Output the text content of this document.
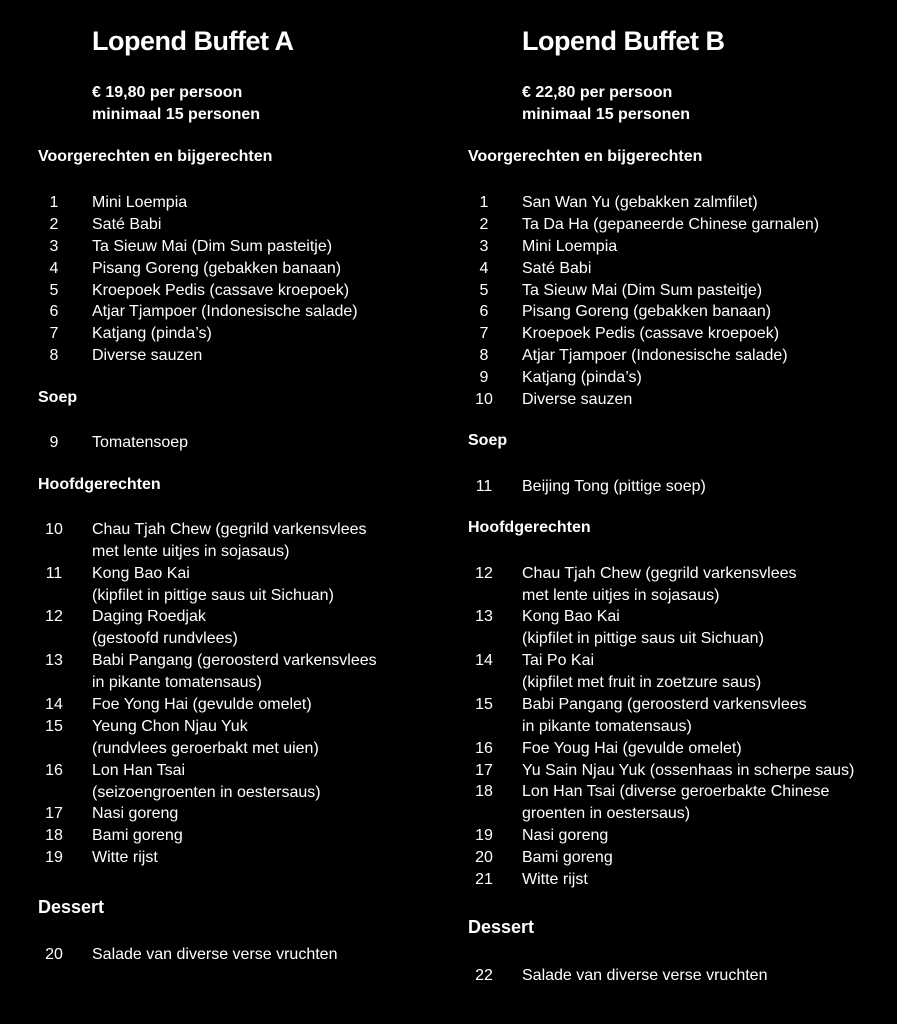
Lopend Buffet A
€ 19,80 per persoon
minimaal 15 personen
Voorgerechten en bijgerechten
1	Mini Loempia
2	Saté Babi
3	Ta Sieuw Mai (Dim Sum pasteitje)
4	Pisang Goreng (gebakken banaan)
5	Kroepoek Pedis (cassave kroepoek)
6	Atjar Tjampoer (Indonesische salade)
7	Katjang (pinda’s)
8	Diverse sauzen
Soep
9	Tomatensoep
Hoofdgerechten
10	Chau Tjah Chew (gegrild varkensvlees
met lente uitjes in sojasaus)
11	Kong Bao Kai
(kipfilet in pittige saus uit Sichuan)
12	Daging Roedjak
(gestoofd rundvlees)
13	Babi Pangang (geroosterd varkensvlees
in pikante tomatensaus)
14	Foe Yong Hai (gevulde omelet)
15	Yeung Chon Njau Yuk
(rundvlees geroerbakt met uien)
16	Lon Han Tsai
(seizoengroenten in oestersaus)
17	Nasi goreng
18	Bami goreng
19	Witte rijst
Dessert
20	Salade van diverse verse vruchten
Lopend Buffet B
€ 22,80 per persoon
minimaal 15 personen
Voorgerechten en bijgerechten
1	San Wan Yu (gebakken zalmfilet)
2	Ta Da Ha (gepaneerde Chinese garnalen)
3	Mini Loempia
4	Saté Babi
5	Ta Sieuw Mai (Dim Sum pasteitje)
6	Pisang Goreng (gebakken banaan)
7	Kroepoek Pedis (cassave kroepoek)
8	Atjar Tjampoer (Indonesische salade)
9	Katjang (pinda’s)
10	Diverse sauzen
Soep
11	Beijing Tong (pittige soep)
Hoofdgerechten
12	Chau Tjah Chew (gegrild varkensvlees
met lente uitjes in sojasaus)
13	Kong Bao Kai
(kipfilet in pittige saus uit Sichuan)
14	Tai Po Kai
(kipfilet met fruit in zoetzure saus)
15	Babi Pangang (geroosterd varkensvlees
in pikante tomatensaus)
16	Foe Youg Hai (gevulde omelet)
17	Yu Sain Njau Yuk (ossenhaas in scherpe saus)
18	Lon Han Tsai (diverse geroerbakte Chinese
groenten in oestersaus)
19	Nasi goreng
20	Bami goreng
21	Witte rijst
Dessert
22	Salade van diverse verse vruchten
